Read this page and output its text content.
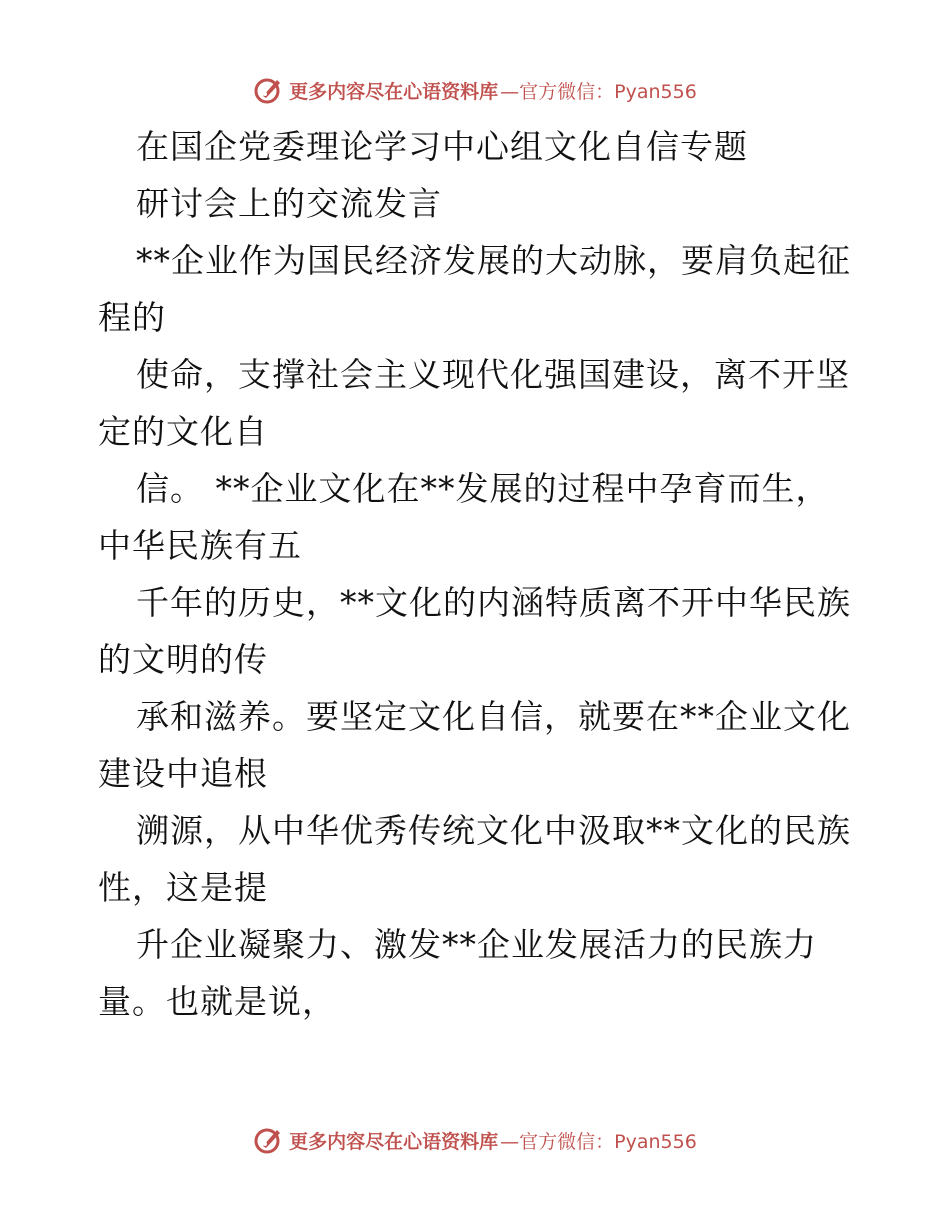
更多内容尽在心语资料库 —官方微信：Pyan556
在国企党委理论学习中心组文化自信专题
研讨会上的交流发言
**企业作为国民经济发展的大动脉，要肩负起征
程的
使命，支撑社会主义现代化强国建设，离不开坚
定的文化自
信。 **企业文化在**发展的过程中孕育而生，
中华民族有五
千年的历史，**文化的内涵特质离不开中华民族
的文明的传
承和滋养。要坚定文化自信，就要在**企业文化
建设中追根
溯源，从中华优秀传统文化中汲取**文化的民族
性，这是提
升企业凝聚力、激发**企业发展活力的民族力
量。也就是说，
更多内容尽在心语资料库 —官方微信：Pyan556
